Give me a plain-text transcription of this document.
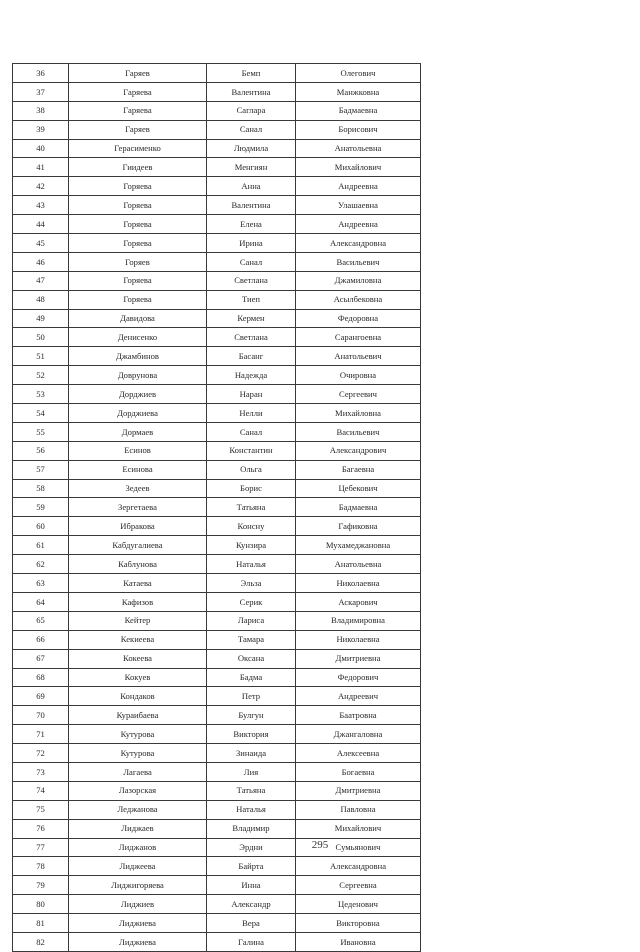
36	Гаряев	Бемп	Олегович
37	Гаряева	Валентина	Манжковна
38	Гаряева	Саглара	Бадмаевна
39	Гаряев	Санал	Борисович
40	Герасименко	Людмила	Анатольевна
41	Гиидеев	Менгиян	Михайлович
42	Горяева	Анна	Андреевна
43	Горяева	Валентина	Улашаевна
44	Горяева	Елена	Андреевна
45	Горяева	Ирина	Александровна
46	Горяев	Санал	Васильевич
47	Горяева	Светлана	Джамиловна
48	Горяева	Тиеп	Асылбековна
49	Давидова	Кермен	Федоровна
50	Денисенко	Светлана	Сарангоевна
51	Джамбинов	Басанг	Анатольевич
52	Доврунова	Надежда	Очировна
53	Дорджиев	Наран	Сергеевич
54	Дорджиева	Нелли	Михайловна
55	Дормаев	Санал	Васильевич
56	Есинов	Константин	Александрович
57	Есинова	Ольга	Багаевна
58	Зедеев	Борис	Цебекович
59	Зергетаева	Татьяна	Бадмаевна
60	Ибракова	Консну	Гафиковна
61	Кабдугалиева	Кунзира	Мухамеджановна
62	Каблунова	Наталья	Анатольевна
63	Катаева	Эльза	Николаевна
64	Кафизов	Серик	Аскарович
65	Кейтер	Лариса	Владимировна
66	Кекиеева	Тамара	Николаевна
67	Кокеева	Оксана	Дмитриевна
68	Кокуев	Бадма	Федорович
69	Кондаков	Петр	Андреевич
70	Кураибаева	Булгун	Баатровна
71	Кутурова	Виктория	Джангаловна
72	Кутурова	Зинаида	Алексеевна
73	Лагаева	Лия	Богаевна
74	Лазорская	Татьяна	Дмитриевна
75	Леджанова	Наталья	Павловна
76	Лиджаев	Владимир	Михайлович
77	Лиджанов	Эрдни	Сумьянович
78	Лиджеева	Байрта	Александровна
79	Лиджигоряева	Инна	Сергеевна
80	Лиджиев	Александр	Цеденович
81	Лиджиева	Вера	Викторовна
82	Лиджиева	Галина	Ивановна
295
